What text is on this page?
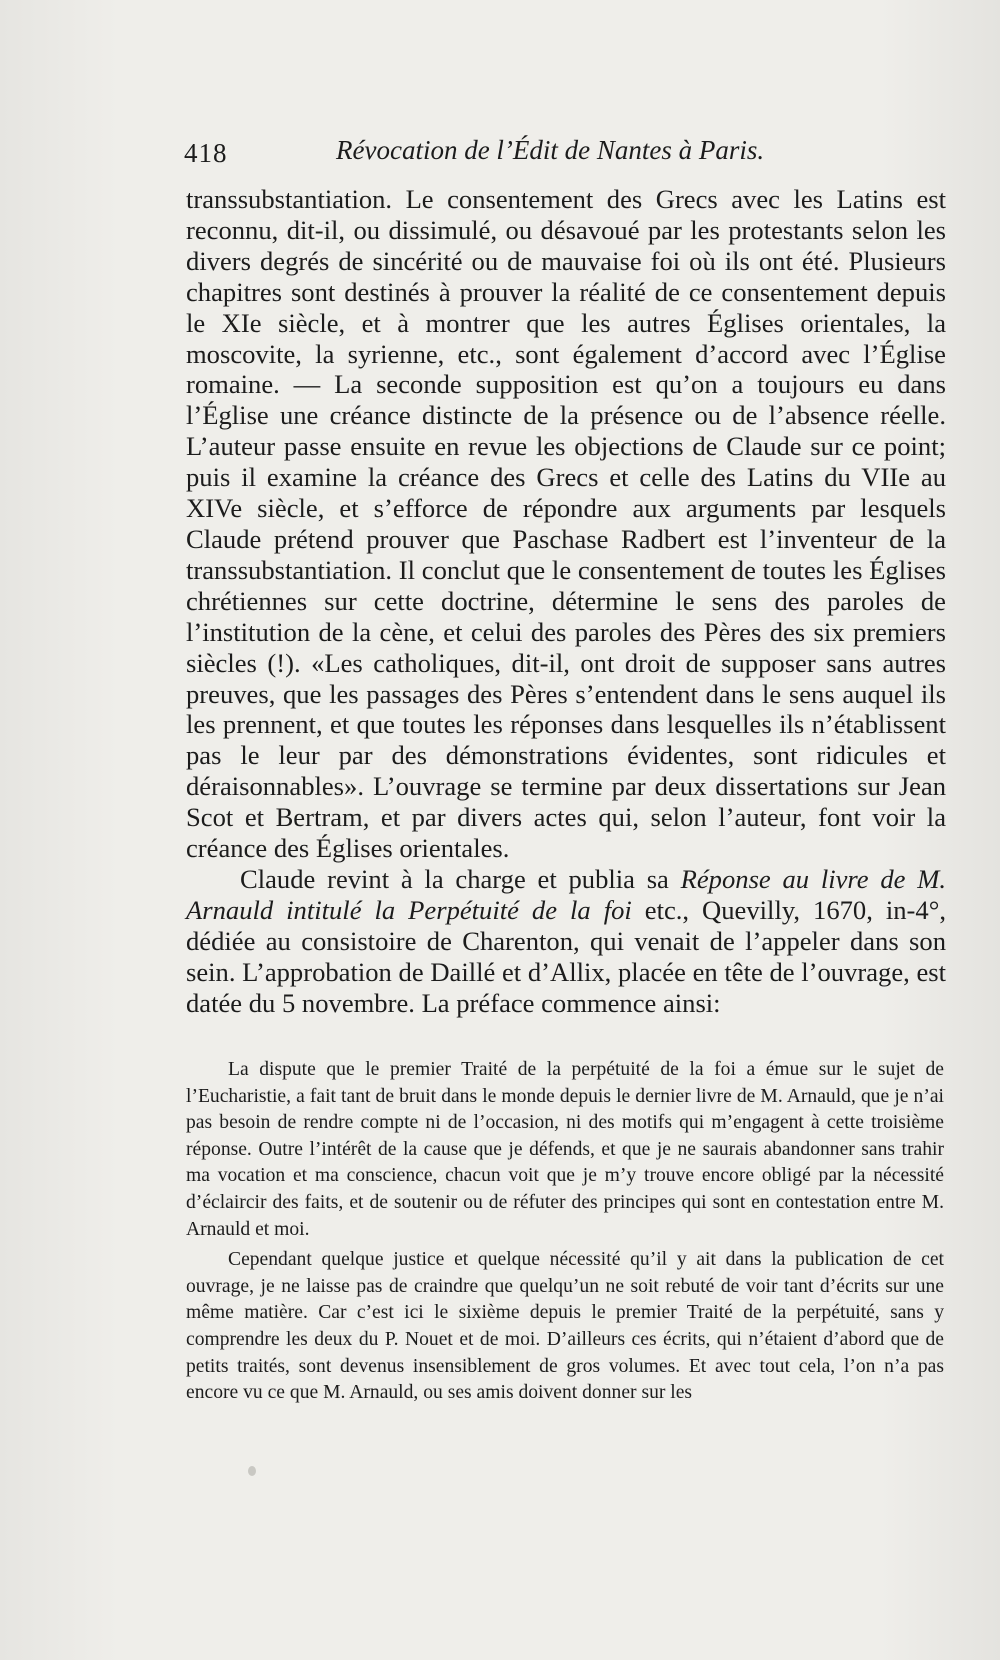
418	Révocation de l’Édit de Nantes à Paris.

transsubstantiation. Le consentement des Grecs avec les Latins est reconnu, dit-il, ou dissimulé, ou désavoué par les protestants selon les divers degrés de sincérité ou de mauvaise foi où ils ont été. Plusieurs chapitres sont destinés à prouver la réalité de ce consentement depuis le XIe siècle, et à montrer que les autres Églises orientales, la moscovite, la syrienne, etc., sont également d’accord avec l’Église romaine. — La seconde supposition est qu’on a toujours eu dans l’Église une créance distincte de la présence ou de l’absence réelle. L’auteur passe ensuite en revue les objections de Claude sur ce point; puis il examine la créance des Grecs et celle des Latins du VIIe au XIVe siècle, et s’efforce de répondre aux arguments par lesquels Claude prétend prouver que Paschase Radbert est l’inventeur de la transsubstantiation. Il conclut que le consentement de toutes les Églises chrétiennes sur cette doctrine, détermine le sens des paroles de l’institution de la cène, et celui des paroles des Pères des six premiers siècles (!). «Les catholiques, dit-il, ont droit de supposer sans autres preuves, que les passages des Pères s’entendent dans le sens auquel ils les prennent, et que toutes les réponses dans lesquelles ils n’établissent pas le leur par des démonstrations évidentes, sont ridicules et déraisonnables». L’ouvrage se termine par deux dissertations sur Jean Scot et Bertram, et par divers actes qui, selon l’auteur, font voir la créance des Églises orientales.

Claude revint à la charge et publia sa Réponse au livre de M. Arnauld intitulé la Perpétuité de la foi etc., Quevilly, 1670, in-4°, dédiée au consistoire de Charenton, qui venait de l’appeler dans son sein. L’approbation de Daillé et d’Allix, placée en tête de l’ouvrage, est datée du 5 novembre. La préface commence ainsi:

La dispute que le premier Traité de la perpétuité de la foi a émue sur le sujet de l’Eucharistie, a fait tant de bruit dans le monde depuis le dernier livre de M. Arnauld, que je n’ai pas besoin de rendre compte ni de l’occasion, ni des motifs qui m’engagent à cette troisième réponse. Outre l’intérêt de la cause que je défends, et que je ne saurais abandonner sans trahir ma vocation et ma conscience, chacun voit que je m’y trouve encore obligé par la nécessité d’éclaircir des faits, et de soutenir ou de réfuter des principes qui sont en contestation entre M. Arnauld et moi.

Cependant quelque justice et quelque nécessité qu’il y ait dans la publication de cet ouvrage, je ne laisse pas de craindre que quelqu’un ne soit rebuté de voir tant d’écrits sur une même matière. Car c’est ici le sixième depuis le premier Traité de la perpétuité, sans y comprendre les deux du P. Nouet et de moi. D’ailleurs ces écrits, qui n’étaient d’abord que de petits traités, sont devenus insensiblement de gros volumes. Et avec tout cela, l’on n’a pas encore vu ce que M. Arnauld, ou ses amis doivent donner sur les
